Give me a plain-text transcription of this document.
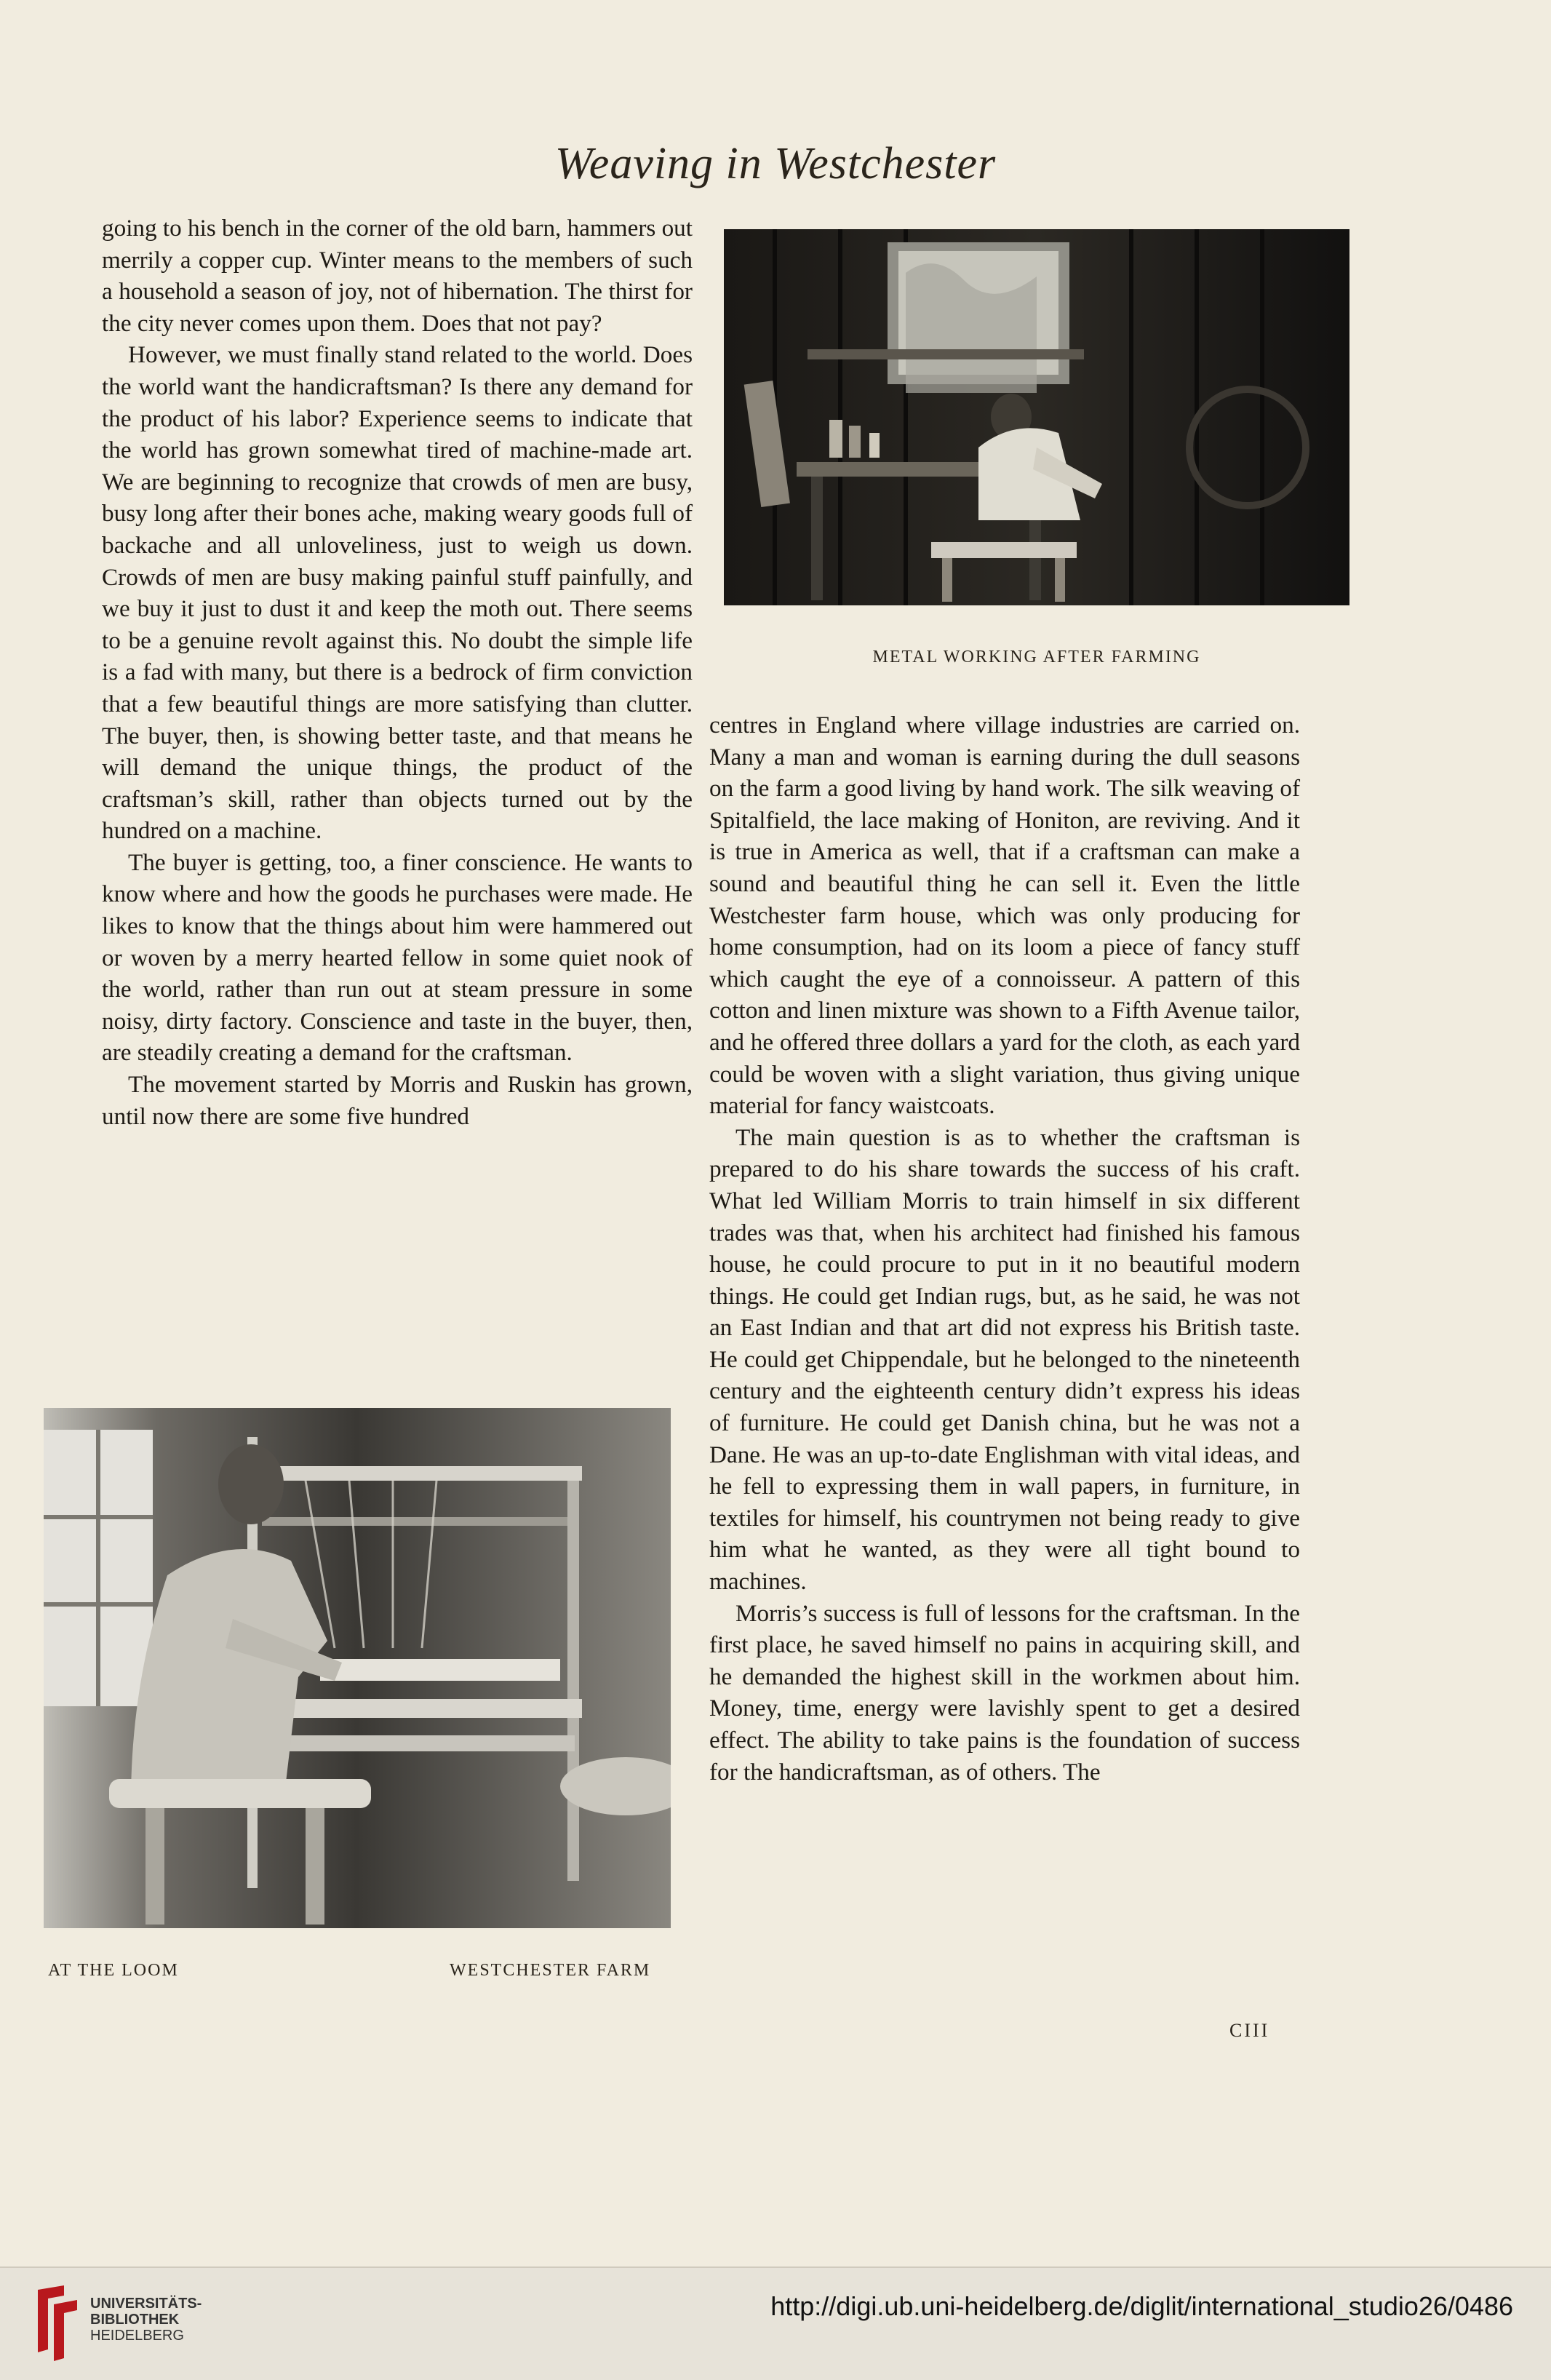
Weaving in Westchester

going to his bench in the corner of the old barn, hammers out merrily a copper cup. Winter means to the members of such a household a season of joy, not of hibernation. The thirst for the city never comes upon them. Does that not pay?

However, we must finally stand related to the world. Does the world want the handicraftsman? Is there any demand for the product of his labor? Experience seems to indicate that the world has grown somewhat tired of machine-made art. We are beginning to recognize that crowds of men are busy, busy long after their bones ache, making weary goods full of backache and all unloveliness, just to weigh us down. Crowds of men are busy making painful stuff painfully, and we buy it just to dust it and keep the moth out. There seems to be a genuine revolt against this. No doubt the simple life is a fad with many, but there is a bedrock of firm conviction that a few beautiful things are more satisfying than clutter. The buyer, then, is showing better taste, and that means he will demand the unique things, the product of the craftsman’s skill, rather than objects turned out by the hundred on a machine.

The buyer is getting, too, a finer conscience. He wants to know where and how the goods he purchases were made. He likes to know that the things about him were hammered out or woven by a merry hearted fellow in some quiet nook of the world, rather than run out at steam pressure in some noisy, dirty factory. Conscience and taste in the buyer, then, are steadily creating a demand for the craftsman.

The movement started by Morris and Ruskin has grown, until now there are some five hundred

METAL WORKING AFTER FARMING

centres in England where village industries are carried on. Many a man and woman is earning during the dull seasons on the farm a good living by hand work. The silk weaving of Spitalfield, the lace making of Honiton, are reviving. And it is true in America as well, that if a craftsman can make a sound and beautiful thing he can sell it. Even the little Westchester farm house, which was only producing for home consumption, had on its loom a piece of fancy stuff which caught the eye of a connoisseur. A pattern of this cotton and linen mixture was shown to a Fifth Avenue tailor, and he offered three dollars a yard for the cloth, as each yard could be woven with a slight variation, thus giving unique material for fancy waistcoats.

The main question is as to whether the craftsman is prepared to do his share towards the success of his craft. What led William Morris to train himself in six different trades was that, when his architect had finished his famous house, he could procure to put in it no beautiful modern things. He could get Indian rugs, but, as he said, he was not an East Indian and that art did not express his British taste. He could get Chippendale, but he belonged to the nineteenth century and the eighteenth century didn’t express his ideas of furniture. He could get Danish china, but he was not a Dane. He was an up-to-date Englishman with vital ideas, and he fell to expressing them in wall papers, in furniture, in textiles for himself, his countrymen not being ready to give him what he wanted, as they were all tight bound to machines.

Morris’s success is full of lessons for the craftsman. In the first place, he saved himself no pains in acquiring skill, and he demanded the highest skill in the workmen about him. Money, time, energy were lavishly spent to get a desired effect. The ability to take pains is the foundation of success for the handicraftsman, as of others. The

AT THE LOOM	WESTCHESTER FARM
CIII
UNIVERSITÄTS-
BIBLIOTHEK
HEIDELBERG
http://digi.ub.uni-heidelberg.de/diglit/international_studio26/0486
